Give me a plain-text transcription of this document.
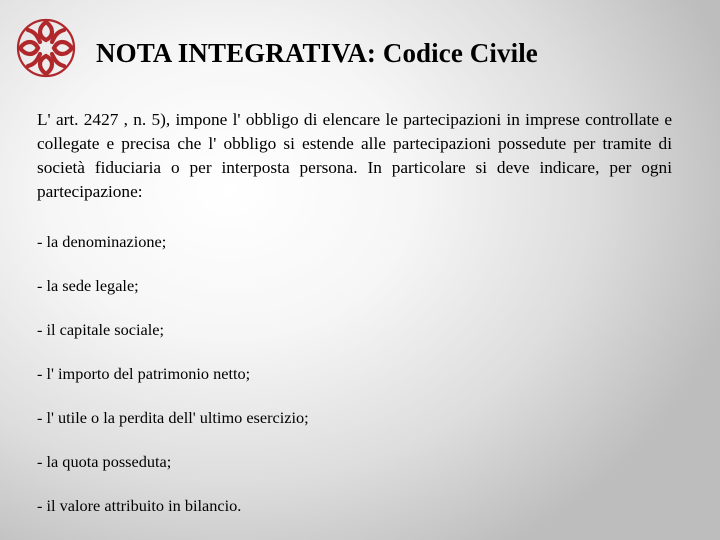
NOTA INTEGRATIVA: Codice Civile

L' art. 2427 , n. 5), impone l' obbligo di elencare le partecipazioni in imprese controllate e collegate e precisa che l' obbligo si estende alle partecipazioni possedute per tramite di società fiduciaria o per interposta persona. In particolare si deve indicare, per ogni partecipazione:

- la denominazione;
- la sede legale;
- il capitale sociale;
- l' importo del patrimonio netto;
- l' utile o la perdita dell' ultimo esercizio;
- la quota posseduta;
- il valore attribuito in bilancio.
